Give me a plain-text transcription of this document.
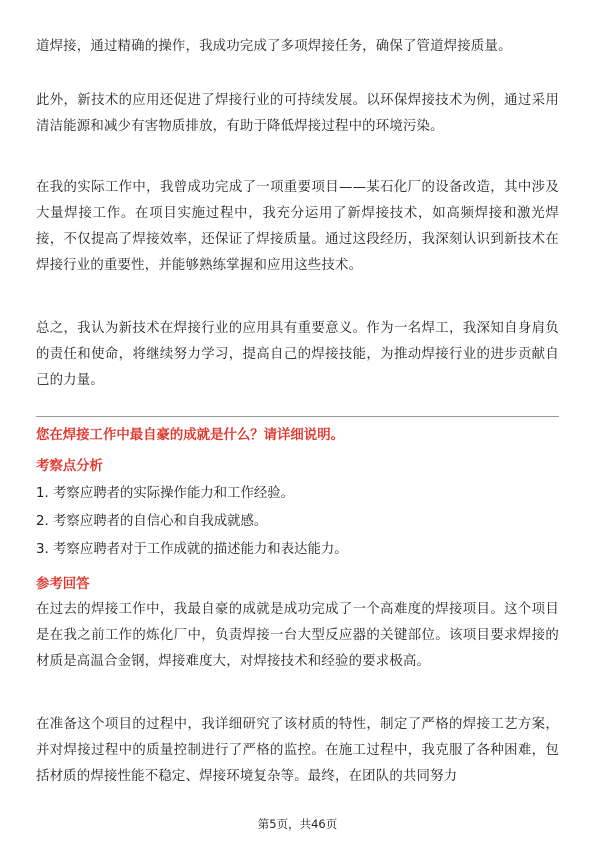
道焊接，通过精确的操作，我成功完成了多项焊接任务，确保了管道焊接质量。

此外，新技术的应用还促进了焊接行业的可持续发展。以环保焊接技术为例，通过采用清洁能源和减少有害物质排放，有助于降低焊接过程中的环境污染。

在我的实际工作中，我曾成功完成了一项重要项目——某石化厂的设备改造，其中涉及大量焊接工作。在项目实施过程中，我充分运用了新焊接技术，如高频焊接和激光焊接，不仅提高了焊接效率，还保证了焊接质量。通过这段经历，我深刻认识到新技术在焊接行业的重要性，并能够熟练掌握和应用这些技术。

总之，我认为新技术在焊接行业的应用具有重要意义。作为一名焊工，我深知自身肩负的责任和使命，将继续努力学习，提高自己的焊接技能，为推动焊接行业的进步贡献自己的力量。

您在焊接工作中最自豪的成就是什么？请详细说明。
考察点分析
1. 考察应聘者的实际操作能力和工作经验。
2. 考察应聘者的自信心和自我成就感。
3. 考察应聘者对于工作成就的描述能力和表达能力。
参考回答

在过去的焊接工作中，我最自豪的成就是成功完成了一个高难度的焊接项目。这个项目是在我之前工作的炼化厂中，负责焊接一台大型反应器的关键部位。该项目要求焊接的材质是高温合金钢，焊接难度大，对焊接技术和经验的要求极高。

在准备这个项目的过程中，我详细研究了该材质的特性，制定了严格的焊接工艺方案，并对焊接过程中的质量控制进行了严格的监控。在施工过程中，我克服了各种困难，包括材质的焊接性能不稳定、焊接环境复杂等。最终，在团队的共同努力

第5页，共46页
